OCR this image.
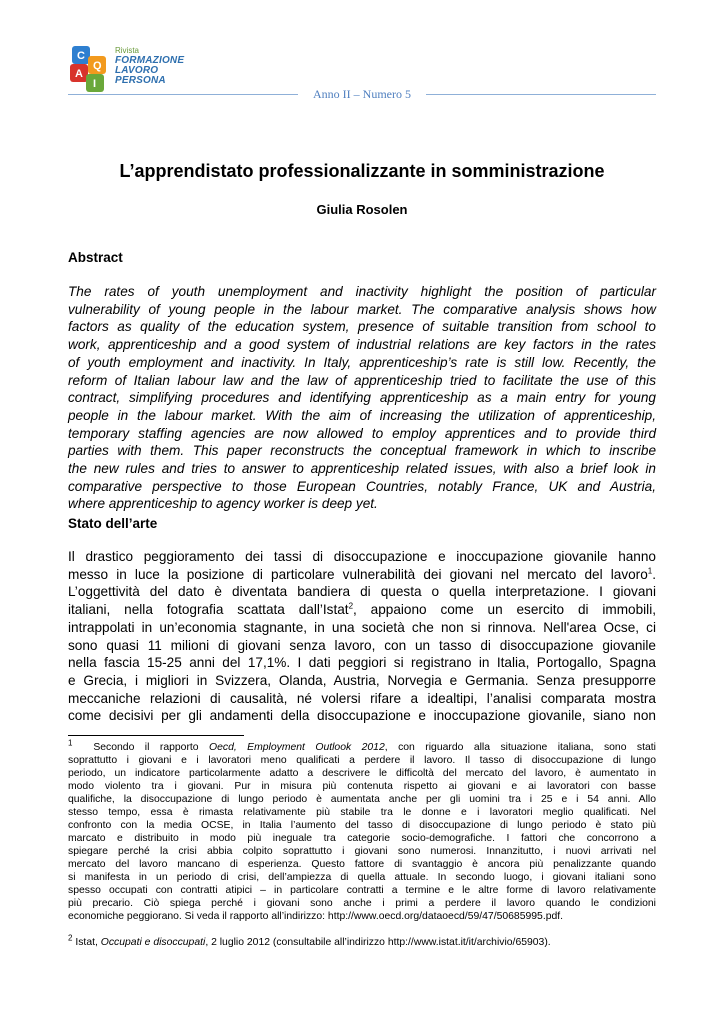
C
Q
A
I
Rivista
FORMAZIONE
LAVORO
PERSONA
Anno II – Numero 5
L’apprendistato professionalizzante in somministrazione
Giulia Rosolen
Abstract
The rates of youth unemployment and inactivity highlight the position of particular
vulnerability of young people in the labour market. The comparative analysis shows how
factors as quality of the education system, presence of suitable transition from school to
work, apprenticeship and a good system of industrial relations are key factors in the rates
of youth employment and inactivity. In Italy, apprenticeship’s rate is still low. Recently, the
reform of Italian labour law and the law of apprenticeship tried to facilitate the use of this
contract, simplifying procedures and identifying apprenticeship as a main entry for young
people in the labour market. With the aim of increasing the utilization of apprenticeship,
temporary staffing agencies are now allowed to employ apprentices and to provide third
parties with them. This paper reconstructs the conceptual framework in which to inscribe
the new rules and tries to answer to apprenticeship related issues, with also a brief look in
comparative perspective to those European Countries, notably France, UK and Austria,
where apprenticeship to agency worker is deep yet.
Stato dell’arte
Il drastico peggioramento dei tassi di disoccupazione e inoccupazione giovanile hanno
messo in luce la posizione di particolare vulnerabilità dei giovani nel mercato del lavoro$^1$.
L’oggettività del dato è diventata bandiera di questa o quella interpretazione. I giovani
italiani, nella fotografia scattata dall’Istat$^2$, appaiono come un esercito di immobili,
intrappolati in un’economia stagnante, in una società che non si rinnova. Nell'area Ocse, ci
sono quasi 11 milioni di giovani senza lavoro, con un tasso di disoccupazione giovanile
nella fascia 15-25 anni del 17,1%. I dati peggiori si registrano in Italia, Portogallo, Spagna
e Grecia, i migliori in Svizzera, Olanda, Austria, Norvegia e Germania. Senza presupporre
meccaniche relazioni di causalità, né volersi rifare a idealtipi, l’analisi comparata mostra
come decisivi per gli andamenti della disoccupazione e inoccupazione giovanile, siano non
$^1$ Secondo il rapporto Oecd, Employment Outlook 2012, con riguardo alla situazione italiana, sono stati
soprattutto i giovani e i lavoratori meno qualificati a perdere il lavoro. Il tasso di disoccupazione di lungo
periodo, un indicatore particolarmente adatto a descrivere le difficoltà del mercato del lavoro, è aumentato in
modo violento tra i giovani. Pur in misura più contenuta rispetto ai giovani e ai lavoratori con basse
qualifiche, la disoccupazione di lungo periodo è aumentata anche per gli uomini tra i 25 e i 54 anni. Allo
stesso tempo, essa è rimasta relativamente più stabile tra le donne e i lavoratori meglio qualificati. Nel
confronto con la media OCSE, in Italia l’aumento del tasso di disoccupazione di lungo periodo è stato più
marcato e distribuito in modo più ineguale tra categorie socio-demografiche. I fattori che concorrono a
spiegare perché la crisi abbia colpito soprattutto i giovani sono numerosi. Innanzitutto, i nuovi arrivati nel
mercato del lavoro mancano di esperienza. Questo fattore di svantaggio è ancora più penalizzante quando
si manifesta in un periodo di crisi, dell’ampiezza di quella attuale. In secondo luogo, i giovani italiani sono
spesso occupati con contratti atipici – in particolare contratti a termine e le altre forme di lavoro relativamente
più precario. Ciò spiega perché i giovani sono anche i primi a perdere il lavoro quando le condizioni
economiche peggiorano. Si veda il rapporto all’indirizzo: http://www.oecd.org/dataoecd/59/47/50685995.pdf.
$^2$ Istat, Occupati e disoccupati, 2 luglio 2012 (consultabile all’indirizzo http://www.istat.it/it/archivio/65903).
